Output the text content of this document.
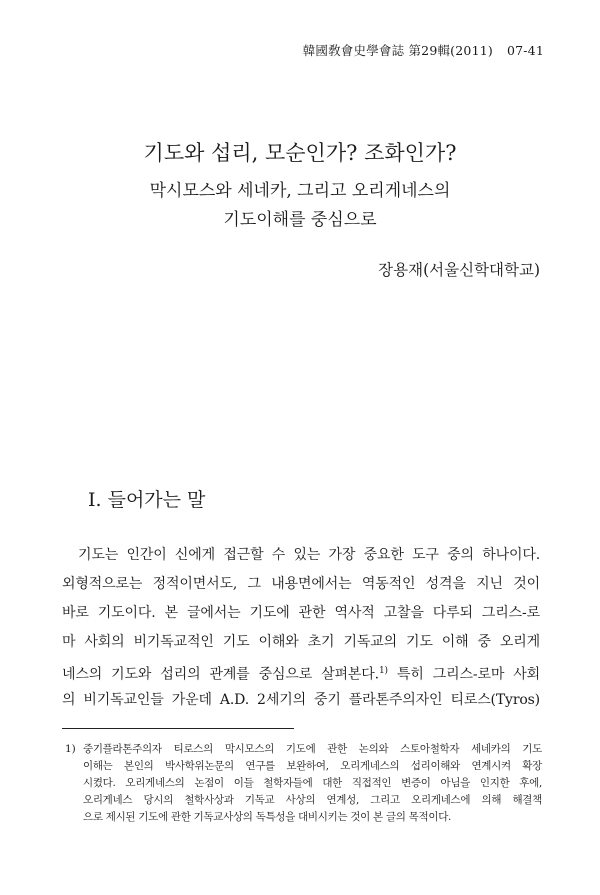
韓國敎會史學會誌 第29輯(2011) 07-41
기도와 섭리, 모순인가? 조화인가?
막시모스와 세네카, 그리고 오리게네스의
기도이해를 중심으로
장용재(서울신학대학교)
Ⅰ. 들어가는 말
기도는 인간이 신에게 접근할 수 있는 가장 중요한 도구 중의 하나이다.
외형적으로는 정적이면서도, 그 내용면에서는 역동적인 성격을 지닌 것이
바로 기도이다. 본 글에서는 기도에 관한 역사적 고찰을 다루되 그리스-로
마 사회의 비기독교적인 기도 이해와 초기 기독교의 기도 이해 중 오리게
네스의 기도와 섭리의 관계를 중심으로 살펴본다.$^{1)}$ 특히 그리스-로마 사회
의 비기독교인들 가운데 A.D. 2세기의 중기 플라톤주의자인 티로스(Tyros)
1) 중기플라톤주의자 티로스의 막시모스의 기도에 관한 논의와 스토아철학자 세네카의 기도
이해는 본인의 박사학위논문의 연구를 보완하여, 오리게네스의 섭리이해와 연계시켜 확장
시켰다. 오리게네스의 논점이 이들 철학자들에 대한 직접적인 변증이 아님을 인지한 후에,
오리게네스 당시의 철학사상과 기독교 사상의 연계성, 그리고 오리게네스에 의해 해결책
으로 제시된 기도에 관한 기독교사상의 독특성을 대비시키는 것이 본 글의 목적이다.
